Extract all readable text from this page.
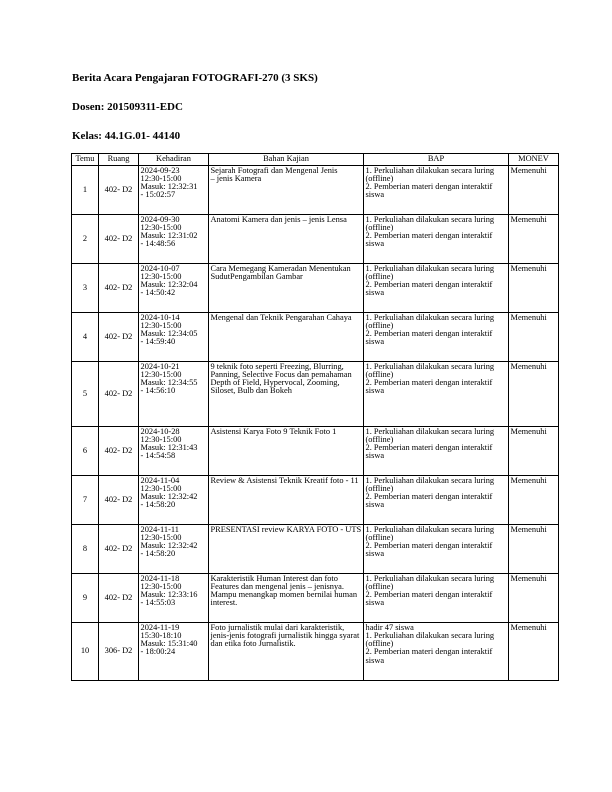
Berita Acara Pengajaran FOTOGRAFI-270 (3 SKS)
Dosen: 201509311-EDC
Kelas: 44.1G.01- 44140
Temu	Ruang	Kehadiran	Bahan Kajian	BAP	MONEV
1	402- D2	2024-09-23
12:30-15:00
Masuk: 12:32:31
- 15:02:57	Sejarah Fotografi dan Mengenal Jenis
– jenis Kamera	1. Perkuliahan dilakukan secara luring (offline)
2. Pemberian materi dengan interaktif siswa	Memenuhi
2	402- D2	2024-09-30
12:30-15:00
Masuk: 12:31:02
- 14:48:56	Anatomi Kamera dan jenis – jenis Lensa	1. Perkuliahan dilakukan secara luring (offline)
2. Pemberian materi dengan interaktif siswa	Memenuhi
3	402- D2	2024-10-07
12:30-15:00
Masuk: 12:32:04
- 14:50:42	Cara Memegang Kameradan Menentukan SudutPengambilan Gambar	1. Perkuliahan dilakukan secara luring (offline)
2. Pemberian materi dengan interaktif siswa	Memenuhi
4	402- D2	2024-10-14
12:30-15:00
Masuk: 12:34:05
- 14:59:40	Mengenal dan Teknik Pengarahan Cahaya	1. Perkuliahan dilakukan secara luring (offline)
2. Pemberian materi dengan interaktif siswa	Memenuhi
5	402- D2	2024-10-21
12:30-15:00
Masuk: 12:34:55
- 14:56:10	9 teknik foto seperti Freezing, Blurring, Panning, Selective Focus dan pemahaman Depth of Field, Hypervocal, Zooming, Siloset, Bulb dan Bokeh	1. Perkuliahan dilakukan secara luring (offline)
2. Pemberian materi dengan interaktif siswa	Memenuhi
6	402- D2	2024-10-28
12:30-15:00
Masuk: 12:31:43
- 14:54:58	Asistensi Karya Foto 9 Teknik Foto 1	1. Perkuliahan dilakukan secara luring (offline)
2. Pemberian materi dengan interaktif siswa	Memenuhi
7	402- D2	2024-11-04
12:30-15:00
Masuk: 12:32:42
- 14:58:20	Review & Asistensi Teknik Kreatif foto - 11	1. Perkuliahan dilakukan secara luring (offline)
2. Pemberian materi dengan interaktif siswa	Memenuhi
8	402- D2	2024-11-11
12:30-15:00
Masuk: 12:32:42
- 14:58:20	PRESENTASI review KARYA FOTO - UTS	1. Perkuliahan dilakukan secara luring (offline)
2. Pemberian materi dengan interaktif siswa	Memenuhi
9	402- D2	2024-11-18
12:30-15:00
Masuk: 12:33:16
- 14:55:03	Karakteristik Human Interest dan foto Features dan mengenal jenis – jenisnya. Mampu menangkap momen bernilai human interest.	1. Perkuliahan dilakukan secara luring (offline)
2. Pemberian materi dengan interaktif siswa	Memenuhi
10	306- D2	2024-11-19
15:30-18:10
Masuk: 15:31:40
- 18:00:24	Foto jurnalistik mulai dari karakteristik, jenis-jenis fotografi jurnalistik hingga syarat dan etika foto Jurnalistik.	hadir 47 siswa
1. Perkuliahan dilakukan secara luring (offline)
2. Pemberian materi dengan interaktif siswa	Memenuhi
